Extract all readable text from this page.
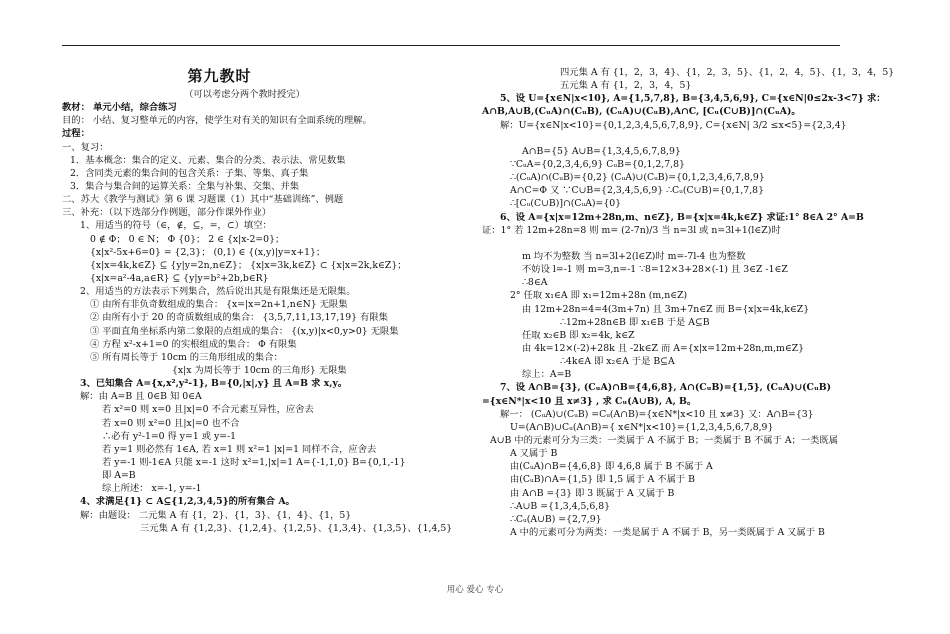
第九教时
（可以考虑分两个教时授完）
教材： 单元小结，综合练习
目的： 小结、复习整单元的内容，使学生对有关的知识有全面系统的理解。
过程：
一、复习：
1．基本概念：集合的定义、元素、集合的分类、表示法、常见数集
2．含同类元素的集合间的包含关系：子集、等集、真子集
3．集合与集合间的运算关系：全集与补集、交集、并集
二、苏大《教学与测试》第 6 课 习题课（1）其中“基础训练”、例题
三、补充：（以下选部分作例题，部分作课外作业）
1、用适当的符号（∈，∉，⊆，=，⊂）填空：
0 ∉ Φ； 0 ∈ N； Φ {0}； 2 ∈ {x|x-2=0}；
{x|x²-5x+6=0} = {2,3}； (0,1) ∈ {(x,y)|y=x+1}；
{x|x=4k,k∈Z} ⊆ {y|y=2n,n∈Z}； {x|x=3k,k∈Z} ⊂ {x|x=2k,k∈Z}；
{x|x=a²-4a,a∈R} ⊆ {y|y=b²+2b,b∈R}
2、用适当的方法表示下列集合，然后说出其是有限集还是无限集。
① 由所有非负奇数组成的集合： {x=|x=2n+1,n∈N} 无限集
② 由所有小于 20 的奇质数组成的集合： {3,5,7,11,13,17,19} 有限集
③ 平面直角坐标系内第二象限的点组成的集合： {(x,y)|x<0,y>0} 无限集
④ 方程 x²-x+1=0 的实根组成的集合： Φ 有限集
⑤ 所有周长等于 10cm 的三角形组成的集合：
{x|x 为周长等于 10cm 的三角形} 无限集
3、已知集合 A={x,x²,y²-1}, B={0,|x|,y} 且 A=B 求 x,y。
解：由 A=B 且 0∈B 知 0∈A
若 x²=0 则 x=0 且|x|=0 不合元素互异性，应舍去
若 x=0 则 x²=0 且|x|=0 也不合
∴必有 y²-1=0 得 y=1 或 y=-1
若 y=1 则必然有 1∈A, 若 x=1 则 x²=1 |x|=1 同样不合，应舍去
若 y=-1 则-1∈A 只能 x=-1 这时 x²=1,|x|=1 A={-1,1,0} B={0,1,-1}
即 A=B
综上所述： x=-1, y=-1
4、求满足{1} ⊂ A⊆{1,2,3,4,5}的所有集合 A。
解：由题设： 二元集 A 有 {1，2}、{1，3}、{1，4}、{1，5}
三元集 A 有 {1,2,3}、{1,2,4}、{1,2,5}、{1,3,4}、{1,3,5}、{1,4,5}
四元集 A 有 {1，2，3，4}、{1，2，3，5}、{1，2，4，5}、{1，3，4，5}
五元集 A 有 {1，2，3，4，5}
5、设 U={x∈N|x<10}, A={1,5,7,8}, B={3,4,5,6,9}, C={x∈N|0≤2x-3<7} 求：
A∩B,A∪B,(CᵤA)∩(CᵤB), (CᵤA)∪(CᵤB),A∩C, [Cᵤ(C∪B)]∩(CᵤA)。
解：U={x∈N|x<10}={0,1,2,3,4,5,6,7,8,9}, C={x∈N| 3/2 ≤x<5}={2,3,4}
A∩B={5} A∪B={1,3,4,5,6,7,8,9}
∵CᵤA={0,2,3,4,6,9} CᵤB={0,1,2,7,8}
∴(CᵤA)∩(CᵤB)={0,2} (CᵤA)∪(CᵤB)={0,1,2,3,4,6,7,8,9}
A∩C=Φ 又 ∵C∪B={2,3,4,5,6,9} ∴Cᵤ(C∪B)={0,1,7,8}
∴[Cᵤ(C∪B)]∩(CᵤA)={0}
6、设 A={x|x=12m+28n,m、n∈Z}, B={x|x=4k,k∈Z} 求证:1° 8∈A 2° A=B
证：1° 若 12m+28n=8 则 m= (2-7n)/3 当 n=3l 或 n=3l+1(l∈Z)时
m 均不为整数 当 n=3l+2(l∈Z)时 m=-7l-4 也为整数
不妨设 l=-1 则 m=3,n=-1 ∵8=12×3+28×(-1) 且 3∈Z -1∈Z
∴8∈A
2° 任取 x₁∈A 即 x₁=12m+28n (m,n∈Z)
由 12m+28n=4=4(3m+7n) 且 3m+7n∈Z 而 B={x|x=4k,k∈Z}
∴12m+28n∈B 即 x₁∈B 于是 A⊆B
任取 x₂∈B 即 x₂=4k, k∈Z
由 4k=12×(-2)+28k 且 -2k∈Z 而 A={x|x=12m+28n,m,m∈Z}
∴4k∈A 即 x₂∈A 于是 B⊆A
综上：A=B
7、设 A∩B={3}, (CᵤA)∩B={4,6,8}, A∩(CᵤB)={1,5}, (CᵤA)∪(CᵤB)
={x∈N*|x<10 且 x≠3} , 求 Cᵤ(A∪B), A, B。
解一： (CᵤA)∪(CᵤB) =Cᵤ(A∩B)={x∈N*|x<10 且 x≠3} 又：A∩B={3}
U=(A∩B)∪Cᵤ(A∩B)={ x∈N*|x<10}={1,2,3,4,5,6,7,8,9}
A∪B 中的元素可分为三类：一类属于 A 不属于 B；一类属于 B 不属于 A；一类既属
A 又属于 B
由(CᵤA)∩B={4,6,8} 即 4,6,8 属于 B 不属于 A
由(CᵤB)∩A={1,5} 即 1,5 属于 A 不属于 B
由 A∩B ={3} 即 3 既属于 A 又属于 B
∴A∪B ={1,3,4,5,6,8}
∴Cᵤ(A∪B) ={2,7,9}
A 中的元素可分为两类：一类是属于 A 不属于 B，另一类既属于 A 又属于 B
用心 爱心 专心
